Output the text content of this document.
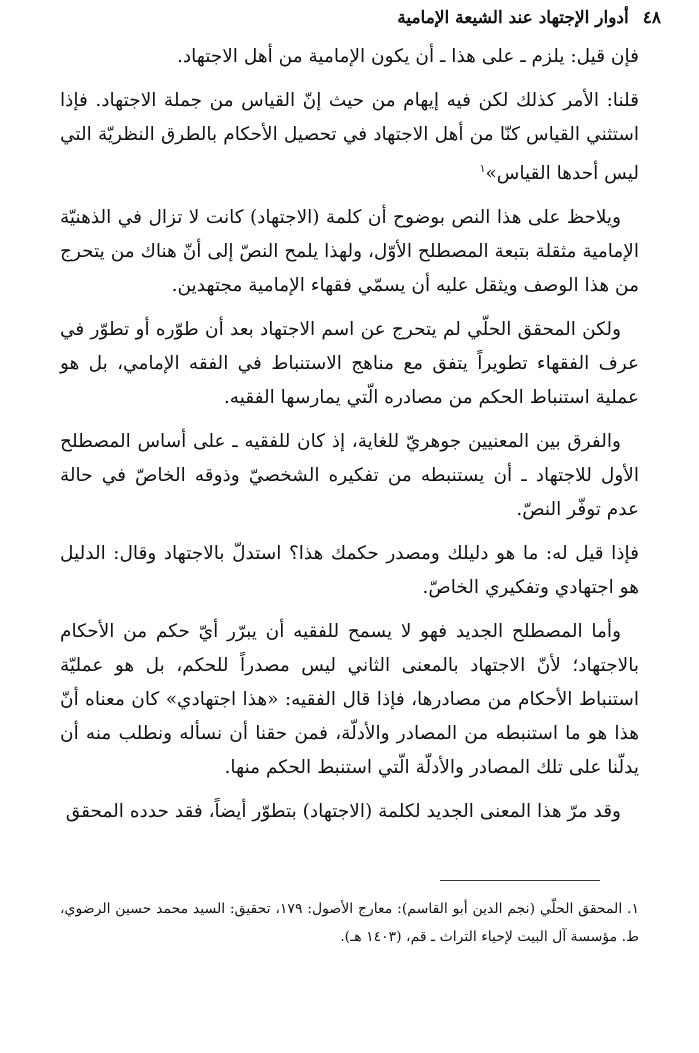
٤٨
أدوار الإجتهاد عند الشيعة الإمامية

فإن قيل: يلزم ـ على هذا ـ أن يكون الإمامية من أهل الاجتهاد.

قلنا: الأمر كذلك لكن فيه إيهام من حيث إنّ القياس من جملة الاجتهاد. فإذا استثني القياس كنّا من أهل الاجتهاد في تحصيل الأحكام بالطرق النظريّة التي ليس أحدها القياس»$^١$

ويلاحظ على هذا النص بوضوح أن كلمة (الاجتهاد) كانت لا تزال في الذهنيّة الإمامية مثقلة بتبعة المصطلح الأوّل، ولهذا يلمح النصّ إلى أنّ هناك من يتحرج من هذا الوصف ويثقل عليه أن يسمّي فقهاء الإمامية مجتهدين.

ولكن المحقق الحلّي لم يتحرج عن اسم الاجتهاد بعد أن طوّره أو تطوّر في عرف الفقهاء تطويراً يتفق مع مناهج الاستنباط في الفقه الإمامي، بل هو عملية استنباط الحكم من مصادره الّتي يمارسها الفقيه.

والفرق بين المعنيين جوهريّ للغاية، إذ كان للفقيه ـ على أساس المصطلح الأول للاجتهاد ـ أن يستنبطه من تفكيره الشخصيّ وذوقه الخاصّ في حالة عدم توفّر النصّ.

فإذا قيل له: ما هو دليلك ومصدر حكمك هذا؟ استدلّ بالاجتهاد وقال: الدليل هو اجتهادي وتفكيري الخاصّ.

وأما المصطلح الجديد فهو لا يسمح للفقيه أن يبرّر أيّ حكم من الأحكام بالاجتهاد؛ لأنّ الاجتهاد بالمعنى الثاني ليس مصدراً للحكم، بل هو عمليّة استنباط الأحكام من مصادرها، فإذا قال الفقيه: «هذا اجتهادي» كان معناه أنّ هذا هو ما استنبطه من المصادر والأدلّة، فمن حقنا أن نسأله ونطلب منه أن يدلّنا على تلك المصادر والأدلّة الّتي استنبط الحكم منها.

وقد مرّ هذا المعنى الجديد لكلمة (الاجتهاد) بتطوّر أيضاً، فقد حدده المحقق

١. المحقق الحلّي (نجم الدين أبو القاسم): معارج الأصول: ١٧٩، تحقيق: السيد محمد حسين الرضوي، ط. مؤسسة آل البيت لإحياء التراث ـ قم، (١٤٠٣ هـ).
